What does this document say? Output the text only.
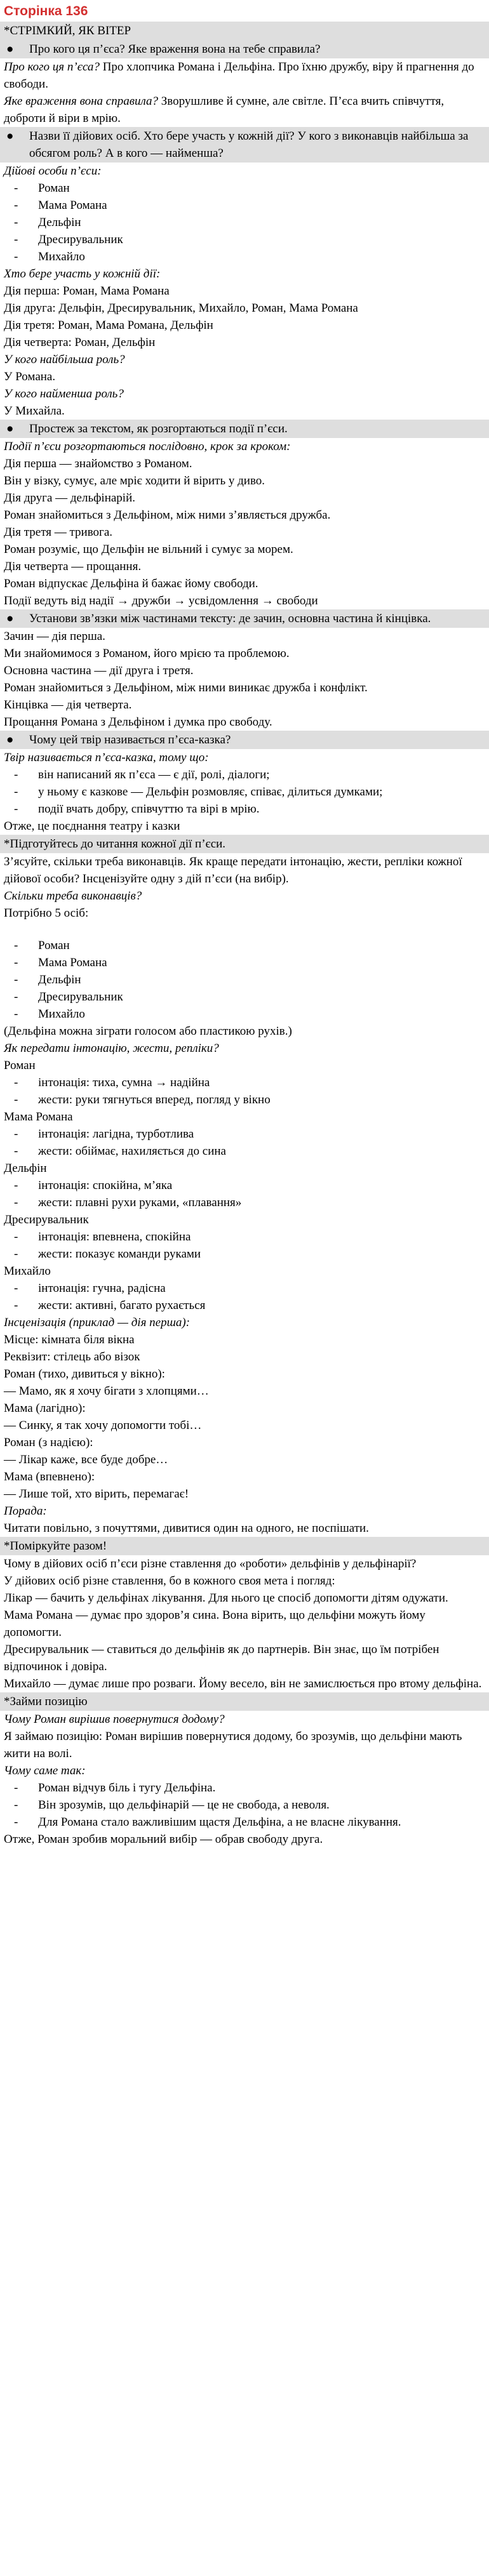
Сторінка 136
*СТРІМКИЙ, ЯК ВІТЕР
●	Про кого ця п’єса? Яке враження вона на тебе справила?

Про кого ця п’єса? Про хлопчика Романа і Дельфіна. Про їхню дружбу, віру й прагнення до свободи.

Яке враження вона справила? Зворушливе й сумне, але світле. П’єса вчить співчуття, доброти й віри в мрію.

●	Назви її дійових осіб. Хто бере участь у кожній дії? У кого з виконавців найбільша за обсягом роль? А в кого — найменша?

Дійові особи п’єси:

- Роман
- Мама Романа
- Дельфін
- Дресирувальник
- Михайло

Хто бере участь у кожній дії:

Дія перша: Роман, Мама Романа

Дія друга: Дельфін, Дресирувальник, Михайло, Роман, Мама Романа

Дія третя: Роман, Мама Романа, Дельфін

Дія четверта: Роман, Дельфін

У кого найбільша роль?

У Романа.

У кого найменша роль?

У Михайла.

●	Простеж за текстом, як розгортаються події п’єси.

Події п’єси розгортаються послідовно, крок за кроком:

Дія перша — знайомство з Романом.

Він у візку, сумує, але мріє ходити й вірить у диво.

Дія друга — дельфінарій.

Роман знайомиться з Дельфіном, між ними з’являється дружба.

Дія третя — тривога.

Роман розуміє, що Дельфін не вільний і сумує за морем.

Дія четверта — прощання.

Роман відпускає Дельфіна й бажає йому свободи.

Події ведуть від надії → дружби → усвідомлення → свободи

●	Установи зв’язки між частинами тексту: де зачин, основна частина й кінцівка.

Зачин — дія перша.

Ми знайомимося з Романом, його мрією та проблемою.

Основна частина — дії друга і третя.

Роман знайомиться з Дельфіном, між ними виникає дружба і конфлікт.

Кінцівка — дія четверта.

Прощання Романа з Дельфіном і думка про свободу.

●	Чому цей твір називається п’єса-казка?

Твір називається п’єса-казка, тому що:

- він написаний як п’єса — є дії, ролі, діалоги;
- у ньому є казкове — Дельфін розмовляє, співає, ділиться думками;
- події вчать добру, співчуттю та вірі в мрію.

Отже, це поєднання театру і казки

*Підготуйтесь до читання кожної дії п’єси.

З’ясуйте, скільки треба виконавців. Як краще передати інтонацію, жести, репліки кожної дійової особи? Інсценізуйте одну з дій п’єси (на вибір).

Скільки треба виконавців?

Потрібно 5 осіб:

- Роман
- Мама Романа
- Дельфін
- Дресирувальник
- Михайло

(Дельфіна можна зіграти голосом або пластикою рухів.)

Як передати інтонацію, жести, репліки?

Роман
- інтонація: тиха, сумна → надійна
- жести: руки тягнуться вперед, погляд у вікно
Мама Романа
- інтонація: лагідна, турботлива
- жести: обіймає, нахиляється до сина
Дельфін
- інтонація: спокійна, м’яка
- жести: плавні рухи руками, «плавання»
Дресирувальник
- інтонація: впевнена, спокійна
- жести: показує команди руками
Михайло
- інтонація: гучна, радісна
- жести: активні, багато рухається

Інсценізація (приклад — дія перша):

Місце: кімната біля вікна

Реквізит: стілець або візок

Роман (тихо, дивиться у вікно):

— Мамо, як я хочу бігати з хлопцями…

Мама (лагідно):

— Синку, я так хочу допомогти тобі…

Роман (з надією):

— Лікар каже, все буде добре…

Мама (впевнено):

— Лише той, хто вірить, перемагає!

Порада:

Читати повільно, з почуттями, дивитися один на одного, не поспішати.

*Поміркуйте разом!

Чому в дійових осіб п’єси різне ставлення до «роботи» дельфінів у дельфінарії?

У дійових осіб різне ставлення, бо в кожного своя мета і погляд:

Лікар — бачить у дельфінах лікування. Для нього це спосіб допомогти дітям одужати.

Мама Романа — думає про здоров’я сина. Вона вірить, що дельфіни можуть йому допомогти.

Дресирувальник — ставиться до дельфінів як до партнерів. Він знає, що їм потрібен відпочинок і довіра.

Михайло — думає лише про розваги. Йому весело, він не замислюється про втому дельфіна.

*Займи позицію

Чому Роман вирішив повернутися додому?

Я займаю позицію: Роман вирішив повернутися додому, бо зрозумів, що дельфіни мають жити на волі.

Чому саме так:

- Роман відчув біль і тугу Дельфіна.
- Він зрозумів, що дельфінарій — це не свобода, а неволя.
- Для Романа стало важливішим щастя Дельфіна, а не власне лікування.

Отже, Роман зробив моральний вибір — обрав свободу друга.
